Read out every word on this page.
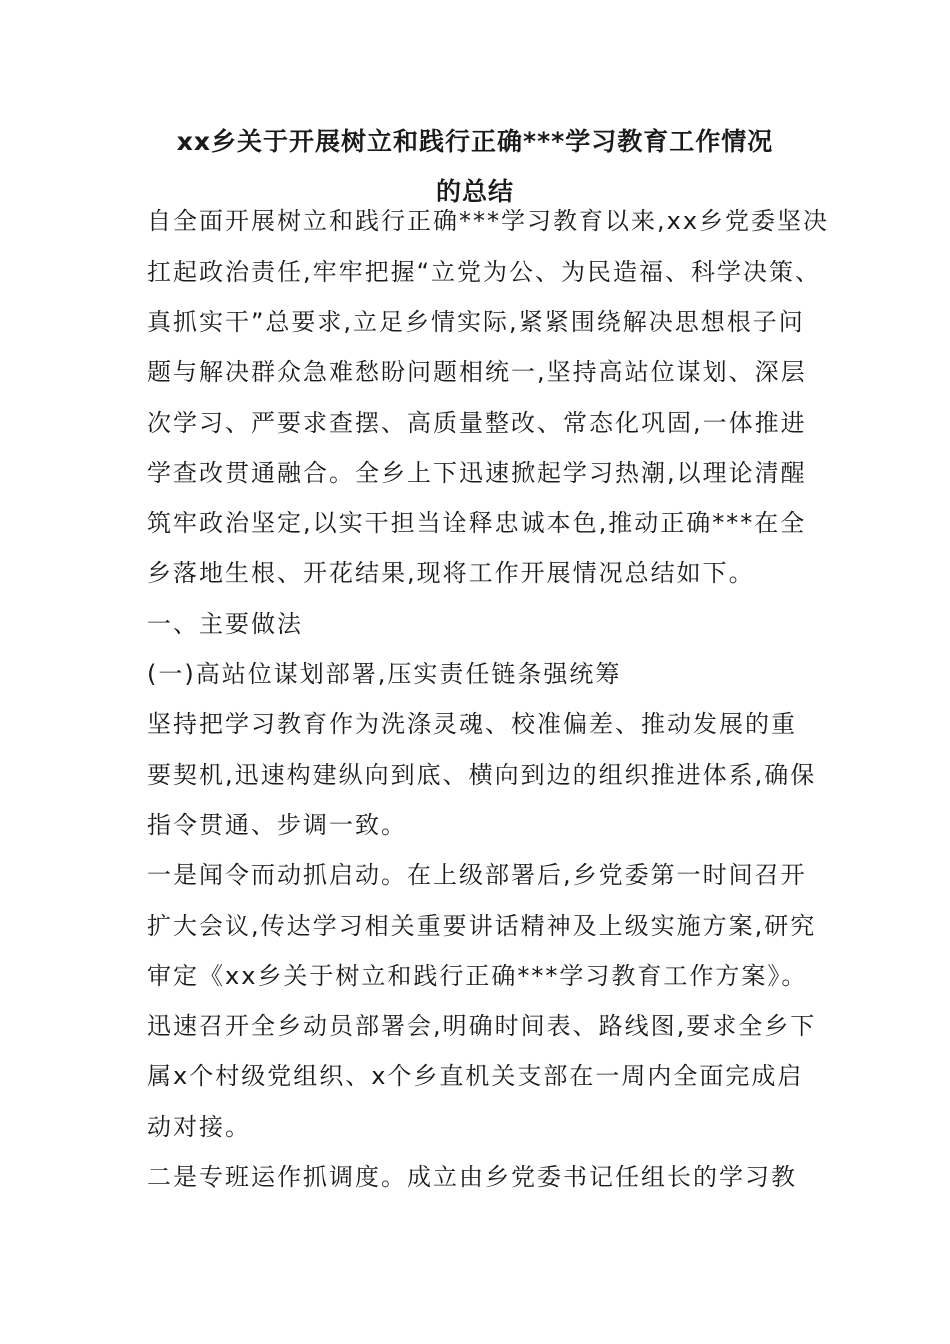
xx乡关于开展树立和践行正确***学习教育工作情况
的总结
自全面开展树立和践行正确***学习教育以来,xx乡党委坚决
扛起政治责任,牢牢把握“立党为公、为民造福、科学决策、
真抓实干”总要求,立足乡情实际,紧紧围绕解决思想根子问
题与解决群众急难愁盼问题相统一,坚持高站位谋划、深层
次学习、严要求查摆、高质量整改、常态化巩固,一体推进
学查改贯通融合。全乡上下迅速掀起学习热潮,以理论清醒
筑牢政治坚定,以实干担当诠释忠诚本色,推动正确***在全
乡落地生根、开花结果,现将工作开展情况总结如下。
一、主要做法
(一)高站位谋划部署,压实责任链条强统筹
坚持把学习教育作为洗涤灵魂、校准偏差、推动发展的重
要契机,迅速构建纵向到底、横向到边的组织推进体系,确保
指令贯通、步调一致。
一是闻令而动抓启动。在上级部署后,乡党委第一时间召开
扩大会议,传达学习相关重要讲话精神及上级实施方案,研究
审定《xx乡关于树立和践行正确***学习教育工作方案》。
迅速召开全乡动员部署会,明确时间表、路线图,要求全乡下
属x个村级党组织、x个乡直机关支部在一周内全面完成启
动对接。
二是专班运作抓调度。成立由乡党委书记任组长的学习教
